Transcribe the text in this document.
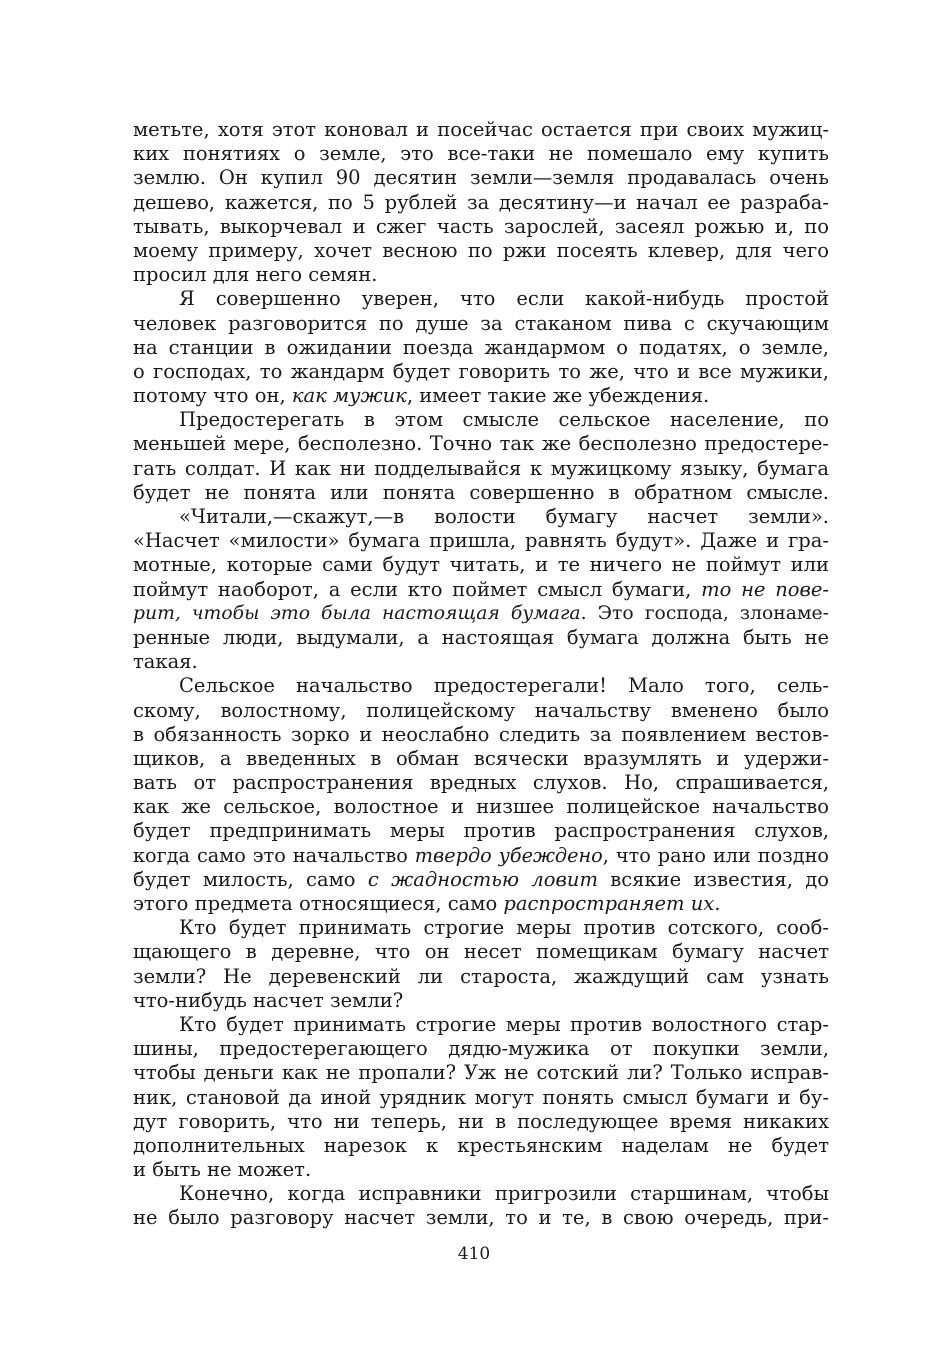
метьте, хотя этот коновал и посейчас остается при своих мужиц-
ких понятиях о земле, это все-таки не помешало ему купить
землю. Он купил 90 десятин земли—земля продавалась очень
дешево, кажется, по 5 рублей за десятину—и начал ее разраба-
тывать, выкорчевал и сжег часть зарослей, засеял рожью и, по
моему примеру, хочет весною по ржи посеять клевер, для чего
просил для него семян.
Я совершенно уверен, что если какой-нибудь простой
человек разговорится по душе за стаканом пива с скучающим
на станции в ожидании поезда жандармом о податях, о земле,
о господах, то жандарм будет говорить то же, что и все мужики,
потому что он, как мужик, имеет такие же убеждения.
Предостерегать в этом смысле сельское население, по
меньшей мере, бесполезно. Точно так же бесполезно предостере-
гать солдат. И как ни подделывайся к мужицкому языку, бумага
будет не понята или понята совершенно в обратном смысле.
«Читали,—скажут,—в волости бумагу насчет земли».
«Насчет «милости» бумага пришла, равнять будут». Даже и гра-
мотные, которые сами будут читать, и те ничего не поймут или
поймут наоборот, а если кто поймет смысл бумаги, то не пове-
рит, чтобы это была настоящая бумага. Это господа, злонаме-
ренные люди, выдумали, а настоящая бумага должна быть не
такая.
Сельское начальство предостерегали! Мало того, сель-
скому, волостному, полицейскому начальству вменено было
в обязанность зорко и неослабно следить за появлением вестов-
щиков, а введенных в обман всячески вразумлять и удержи-
вать от распространения вредных слухов. Но, спрашивается,
как же сельское, волостное и низшее полицейское начальство
будет предпринимать меры против распространения слухов,
когда само это начальство твердо убеждено, что рано или поздно
будет милость, само с жадностью ловит всякие известия, до
этого предмета относящиеся, само распространяет их.
Кто будет принимать строгие меры против сотского, сооб-
щающего в деревне, что он несет помещикам бумагу насчет
земли? Не деревенский ли староста, жаждущий сам узнать
что-нибудь насчет земли?
Кто будет принимать строгие меры против волостного стар-
шины, предостерегающего дядю-мужика от покупки земли,
чтобы деньги как не пропали? Уж не сотский ли? Только исправ-
ник, становой да иной урядник могут понять смысл бумаги и бу-
дут говорить, что ни теперь, ни в последующее время никаких
дополнительных нарезок к крестьянским наделам не будет
и быть не может.
Конечно, когда исправники пригрозили старшинам, чтобы
не было разговору насчет земли, то и те, в свою очередь, при-
410
